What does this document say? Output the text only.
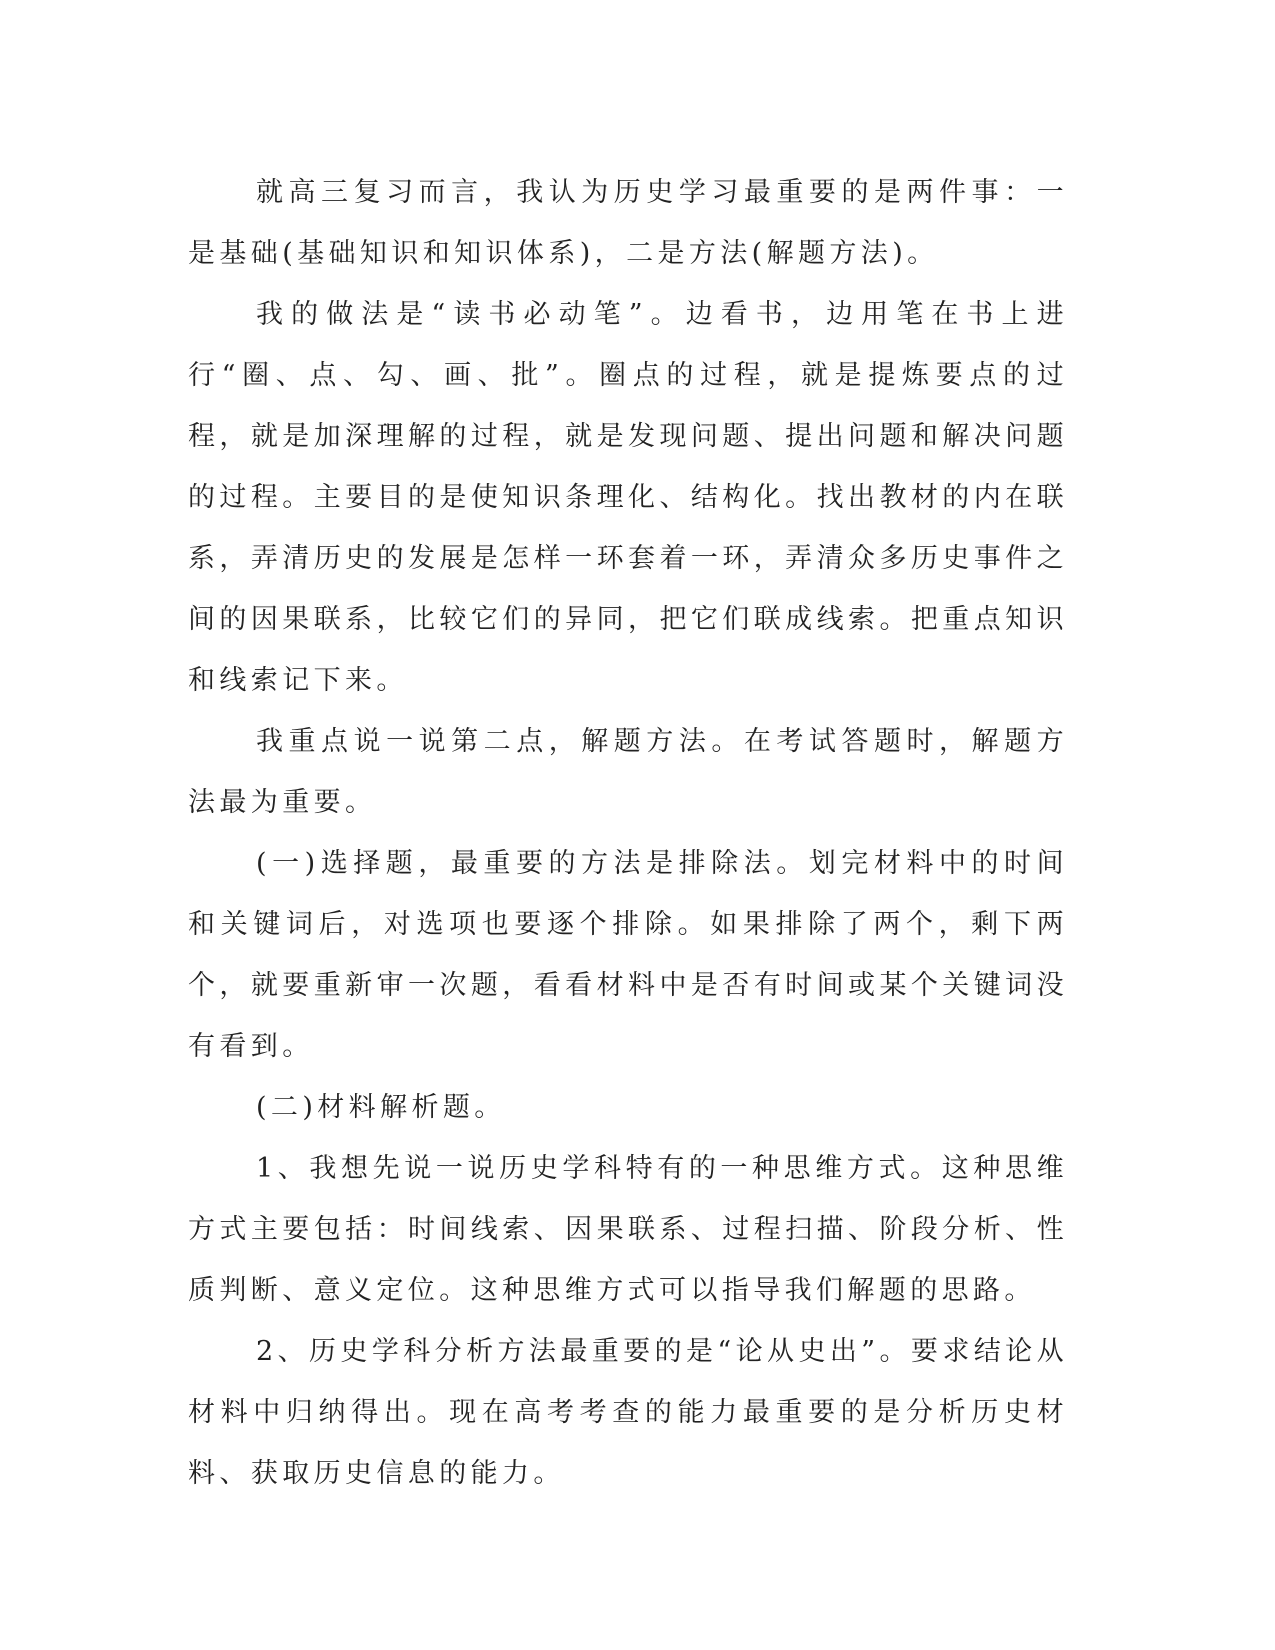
就高三复习而言，我认为历史学习最重要的是两件事：一是基础(基础知识和知识体系)，二是方法(解题方法)。

我的做法是“读书必动笔”。边看书，边用笔在书上进行“圈、点、勾、画、批”。圈点的过程，就是提炼要点的过程，就是加深理解的过程，就是发现问题、提出问题和解决问题的过程。主要目的是使知识条理化、结构化。找出教材的内在联系，弄清历史的发展是怎样一环套着一环，弄清众多历史事件之间的因果联系，比较它们的异同，把它们联成线索。把重点知识和线索记下来。

我重点说一说第二点，解题方法。在考试答题时，解题方法最为重要。

(一)选择题，最重要的方法是排除法。划完材料中的时间和关键词后，对选项也要逐个排除。如果排除了两个，剩下两个，就要重新审一次题，看看材料中是否有时间或某个关键词没有看到。

(二)材料解析题。

1、我想先说一说历史学科特有的一种思维方式。这种思维方式主要包括：时间线索、因果联系、过程扫描、阶段分析、性质判断、意义定位。这种思维方式可以指导我们解题的思路。

2、历史学科分析方法最重要的是“论从史出”。要求结论从材料中归纳得出。现在高考考查的能力最重要的是分析历史材料、获取历史信息的能力。
